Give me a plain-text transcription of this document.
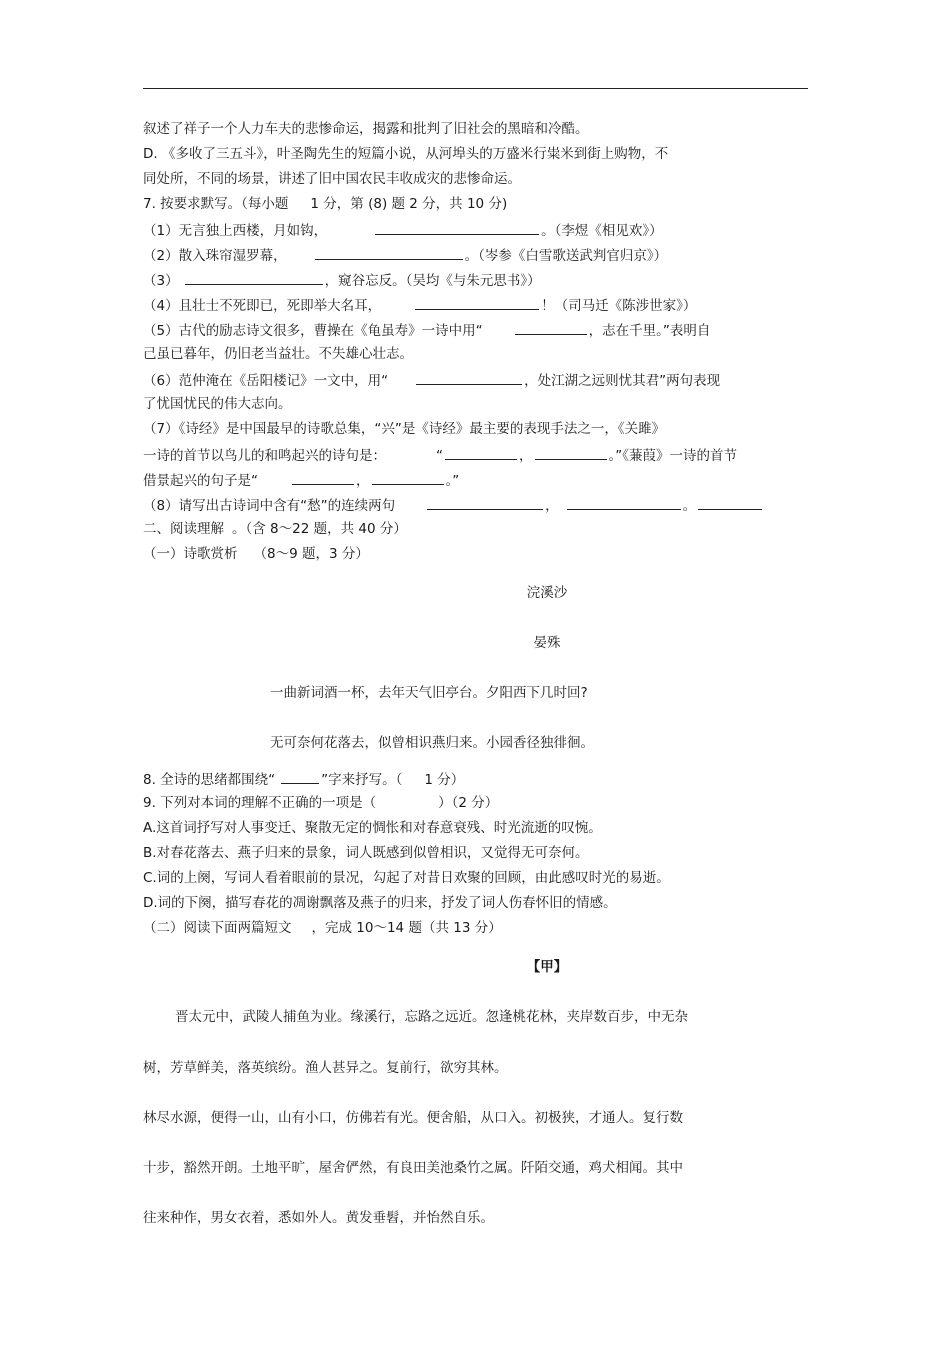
叙述了祥子一个人力车夫的悲惨命运，揭露和批判了旧社会的黑暗和冷酷。
D. 《多收了三五斗》，叶圣陶先生的短篇小说，从河埠头的万盛米行粜米到街上购物，不
同处所，不同的场景，讲述了旧中国农民丰收成灾的悲惨命运。
7. 按要求默写。（每小题 1 分，第 (8) 题 2 分，共 10 分)
（1）无言独上西楼，月如钩，	。（李煜《相见欢》）
（2）散入珠帘湿罗幕，	。（岑参《白雪歌送武判官归京》）
（3）	，窥谷忘反。（吴均《与朱元思书》）
（4）且壮士不死即已，死即举大名耳，	！（司马迁《陈涉世家》）
（5）古代的励志诗文很多，曹操在《龟虽寿》一诗中用“	，志在千里。”表明自
己虽已暮年，仍旧老当益壮。不失雄心壮志。
（6）范仲淹在《岳阳楼记》一文中，用“	，处江湖之远则忧其君”两句表现
了忧国忧民的伟大志向。
（7）《诗经》是中国最早的诗歌总集，“兴”是《诗经》最主要的表现手法之一，《关雎》
一诗的首节以鸟儿的和鸣起兴的诗句是：	“	，	。”《蒹葭》一诗的首节
借景起兴的句子是“	，	。”
（8）请写出古诗词中含有“愁”的连续两句	，	。
二、阅读理解 。（含 8～22 题，共 40 分）
（一）诗歌赏析 （8～9 题，3 分）
浣溪沙
晏殊
一曲新词酒一杯，去年天气旧亭台。夕阳西下几时回?
无可奈何花落去，似曾相识燕归来。小园香径独徘徊。
8. 全诗的思绪都围绕“	”字来抒写。（ 1 分）
9. 下列对本词的理解不正确的一项是（	）（2 分）
A.这首词抒写对人事变迁、聚散无定的惆怅和对春意衰残、时光流逝的叹惋。
B.对春花落去、燕子归来的景象，词人既感到似曾相识，又觉得无可奈何。
C.词的上阕，写词人看着眼前的景况，勾起了对昔日欢聚的回顾，由此感叹时光的易逝。
D.词的下阕，描写春花的凋谢飘落及燕子的归来，抒发了词人伤春怀旧的情感。
（二）阅读下面两篇短文 ，完成 10～14 题（共 13 分）
【甲】
晋太元中，武陵人捕鱼为业。缘溪行，忘路之远近。忽逢桃花林，夹岸数百步，中无杂
树，芳草鲜美，落英缤纷。渔人甚异之。复前行，欲穷其林。
林尽水源，便得一山，山有小口，仿佛若有光。便舍船，从口入。初极狭，才通人。复行数
十步，豁然开朗。土地平旷，屋舍俨然，有良田美池桑竹之属。阡陌交通，鸡犬相闻。其中
往来种作，男女衣着，悉如外人。黄发垂髫，并怡然自乐。
